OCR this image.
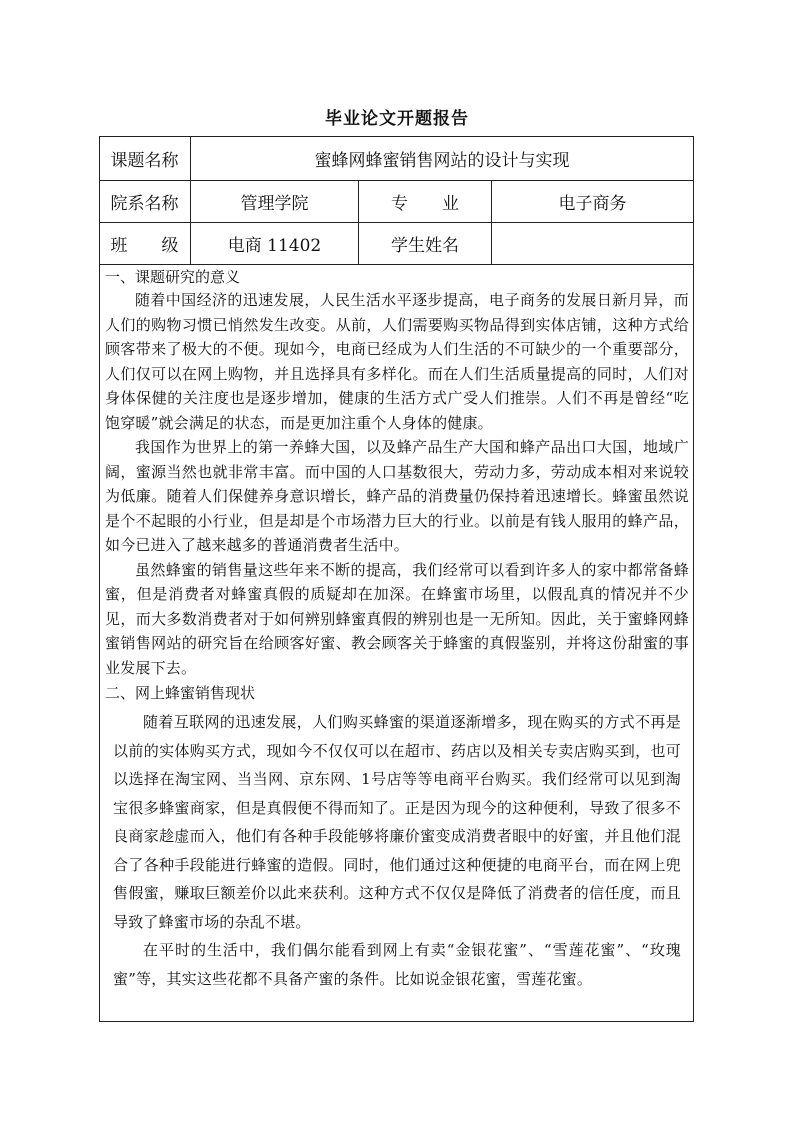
毕业论文开题报告
课题名称	蜜蜂网蜂蜜销售网站的设计与实现
院系名称	管理学院	专　　业	电子商务
班　　级	电商 11402	学生姓名
一、课题研究的意义
随着中国经济的迅速发展，人民生活水平逐步提高，电子商务的发展日新月异，而人们的购物习惯已悄然发生改变。从前，人们需要购买物品得到实体店铺，这种方式给顾客带来了极大的不便。现如今，电商已经成为人们生活的不可缺少的一个重要部分，人们仅可以在网上购物，并且选择具有多样化。而在人们生活质量提高的同时，人们对身体保健的关注度也是逐步增加，健康的生活方式广受人们推崇。人们不再是曾经“吃饱穿暖”就会满足的状态，而是更加注重个人身体的健康。
我国作为世界上的第一养蜂大国，以及蜂产品生产大国和蜂产品出口大国，地域广阔，蜜源当然也就非常丰富。而中国的人口基数很大，劳动力多，劳动成本相对来说较为低廉。随着人们保健养身意识增长，蜂产品的消费量仍保持着迅速增长。蜂蜜虽然说是个不起眼的小行业，但是却是个市场潜力巨大的行业。以前是有钱人服用的蜂产品，如今已进入了越来越多的普通消费者生活中。
虽然蜂蜜的销售量这些年来不断的提高，我们经常可以看到许多人的家中都常备蜂蜜，但是消费者对蜂蜜真假的质疑却在加深。在蜂蜜市场里，以假乱真的情况并不少见，而大多数消费者对于如何辨别蜂蜜真假的辨别也是一无所知。因此，关于蜜蜂网蜂蜜销售网站的研究旨在给顾客好蜜、教会顾客关于蜂蜜的真假鉴别，并将这份甜蜜的事业发展下去。
二、网上蜂蜜销售现状
随着互联网的迅速发展，人们购买蜂蜜的渠道逐渐增多，现在购买的方式不再是以前的实体购买方式，现如今不仅仅可以在超市、药店以及相关专卖店购买到，也可以选择在淘宝网、当当网、京东网、1号店等等电商平台购买。我们经常可以见到淘宝很多蜂蜜商家，但是真假便不得而知了。正是因为现今的这种便利，导致了很多不良商家趁虚而入，他们有各种手段能够将廉价蜜变成消费者眼中的好蜜，并且他们混合了各种手段能进行蜂蜜的造假。同时，他们通过这种便捷的电商平台，而在网上兜售假蜜，赚取巨额差价以此来获利。这种方式不仅仅是降低了消费者的信任度，而且导致了蜂蜜市场的杂乱不堪。
在平时的生活中，我们偶尔能看到网上有卖“金银花蜜”、“雪莲花蜜”、“玫瑰蜜”等，其实这些花都不具备产蜜的条件。比如说金银花蜜，雪莲花蜜。
